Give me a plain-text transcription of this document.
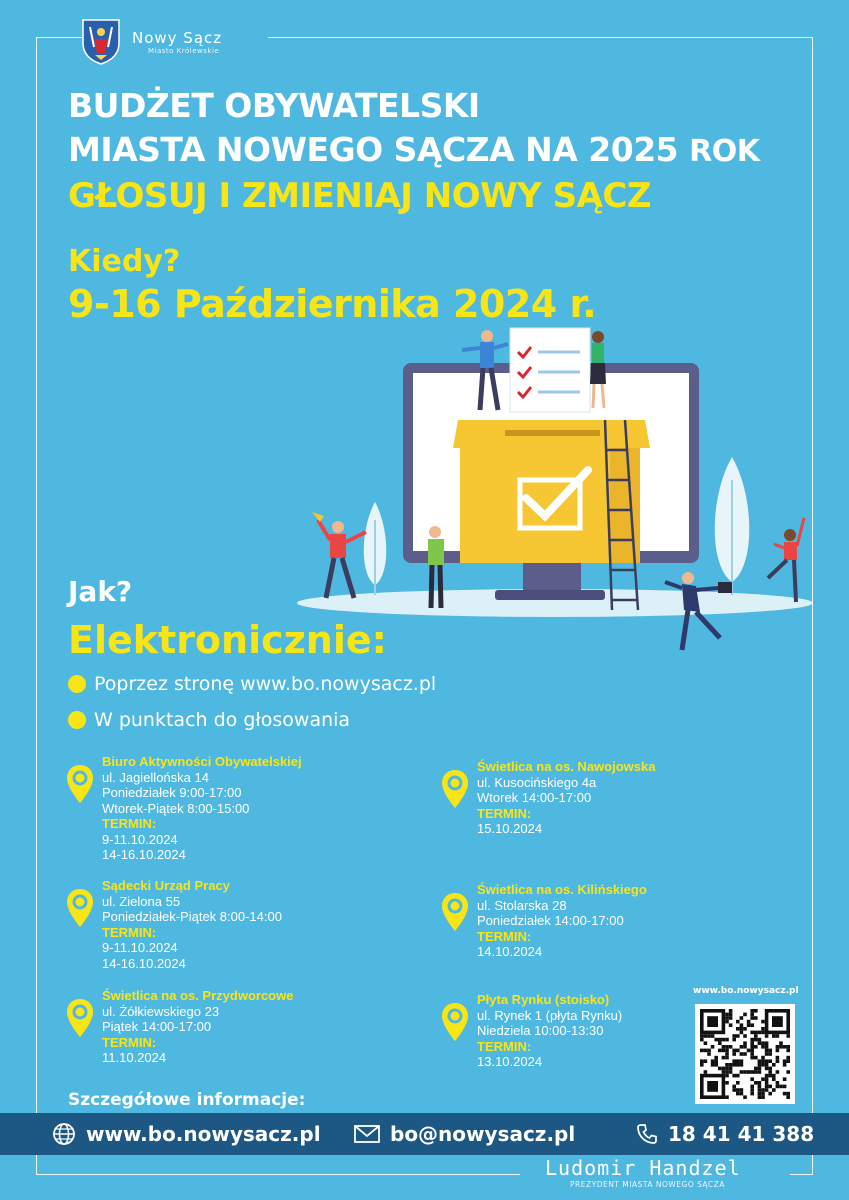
Nowy Sącz
Miasto Królewskie
BUDŻET OBYWATELSKI
MIASTA NOWEGO SĄCZA NA 2025 ROK
GŁOSUJ I ZMIENIAJ NOWY SĄCZ
Kiedy?
9-16 Października 2024 r.
Jak?
Elektronicznie:
Poprzez stronę www.bo.nowysacz.pl
W punktach do głosowania
Biuro Aktywności Obywatelskiej
ul. Jagiellońska 14
Poniedziałek 9:00-17:00
Wtorek-Piątek 8:00-15:00
TERMIN:
9-11.10.2024
14-16.10.2024
Sądecki Urząd Pracy
ul. Zielona 55
Poniedziałek-Piątek 8:00-14:00
TERMIN:
9-11.10.2024
14-16.10.2024
Świetlica na os. Przydworcowe
ul. Żółkiewskiego 23
Piątek 14:00-17:00
TERMIN:
11.10.2024
Świetlica na os. Nawojowska
ul. Kusocińskiego 4a
Wtorek 14:00-17:00
TERMIN:
15.10.2024
Świetlica na os. Kilińskiego
ul. Stolarska 28
Poniedziałek 14:00-17:00
TERMIN:
14.10.2024
Płyta Rynku (stoisko)
ul. Rynek 1 (płyta Rynku)
Niedziela 10:00-13:30
TERMIN:
13.10.2024
www.bo.nowysacz.pl
Szczegółowe informacje:
www.bo.nowysacz.pl	bo@nowysacz.pl	18 41 41 388
Ludomir Handzel
PREZYDENT MIASTA NOWEGO SĄCZA
